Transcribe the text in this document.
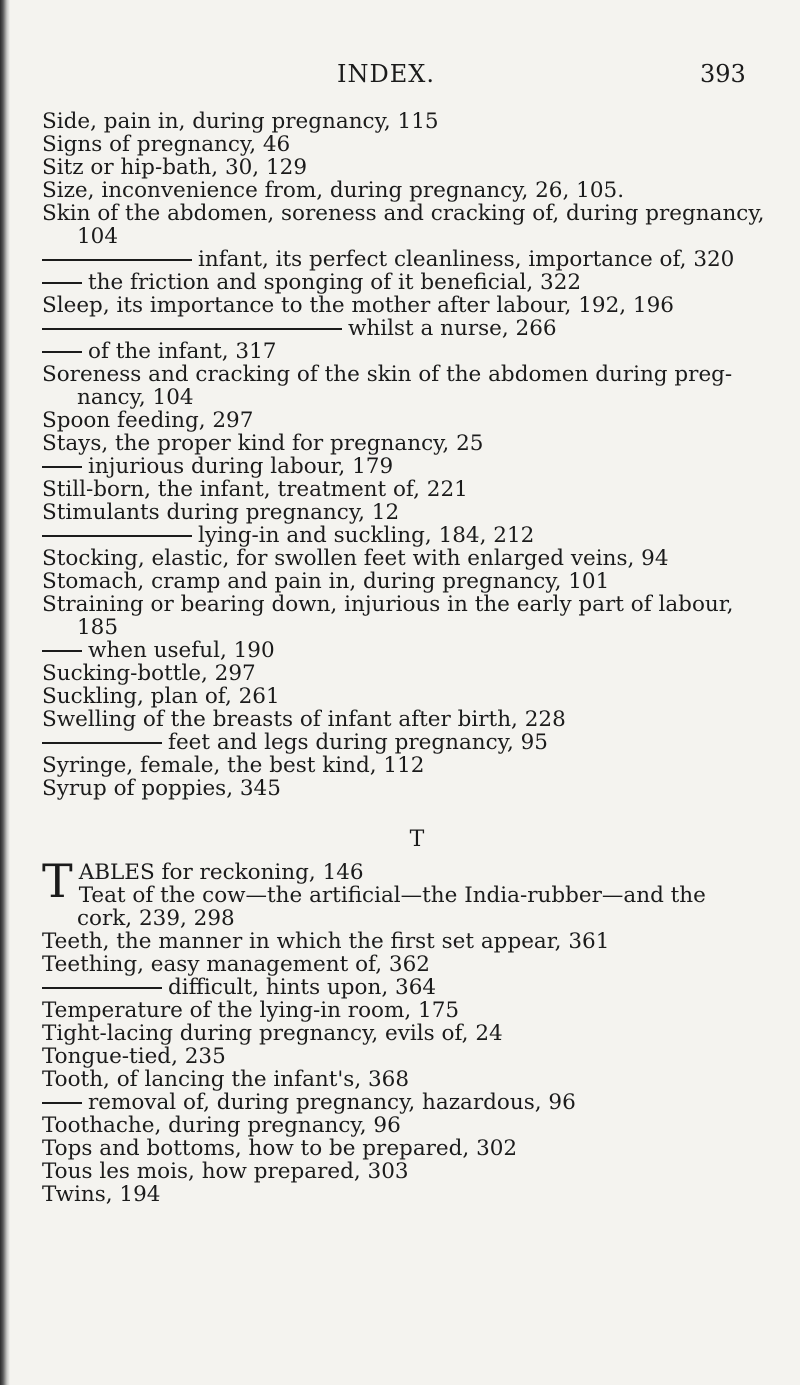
INDEX.	393
Side, pain in, during pregnancy, 115
Signs of pregnancy, 46
Sitz or hip-bath, 30, 129
Size, inconvenience from, during pregnancy, 26, 105.
Skin of the abdomen, soreness and cracking of, during pregnancy,
104
infant, its perfect cleanliness, importance of, 320
the friction and sponging of it beneficial, 322
Sleep, its importance to the mother after labour, 192, 196
whilst a nurse, 266
of the infant, 317
Soreness and cracking of the skin of the abdomen during preg-
nancy, 104
Spoon feeding, 297
Stays, the proper kind for pregnancy, 25
injurious during labour, 179
Still-born, the infant, treatment of, 221
Stimulants during pregnancy, 12
lying-in and suckling, 184, 212
Stocking, elastic, for swollen feet with enlarged veins, 94
Stomach, cramp and pain in, during pregnancy, 101
Straining or bearing down, injurious in the early part of labour,
185
when useful, 190
Sucking-bottle, 297
Suckling, plan of, 261
Swelling of the breasts of infant after birth, 228
feet and legs during pregnancy, 95
Syringe, female, the best kind, 112
Syrup of poppies, 345
T
TABLES for reckoning, 146
Teat of the cow—the artificial—the India-rubber—and the
cork, 239, 298
Teeth, the manner in which the first set appear, 361
Teething, easy management of, 362
difficult, hints upon, 364
Temperature of the lying-in room, 175
Tight-lacing during pregnancy, evils of, 24
Tongue-tied, 235
Tooth, of lancing the infant's, 368
removal of, during pregnancy, hazardous, 96
Toothache, during pregnancy, 96
Tops and bottoms, how to be prepared, 302
Tous les mois, how prepared, 303
Twins, 194
